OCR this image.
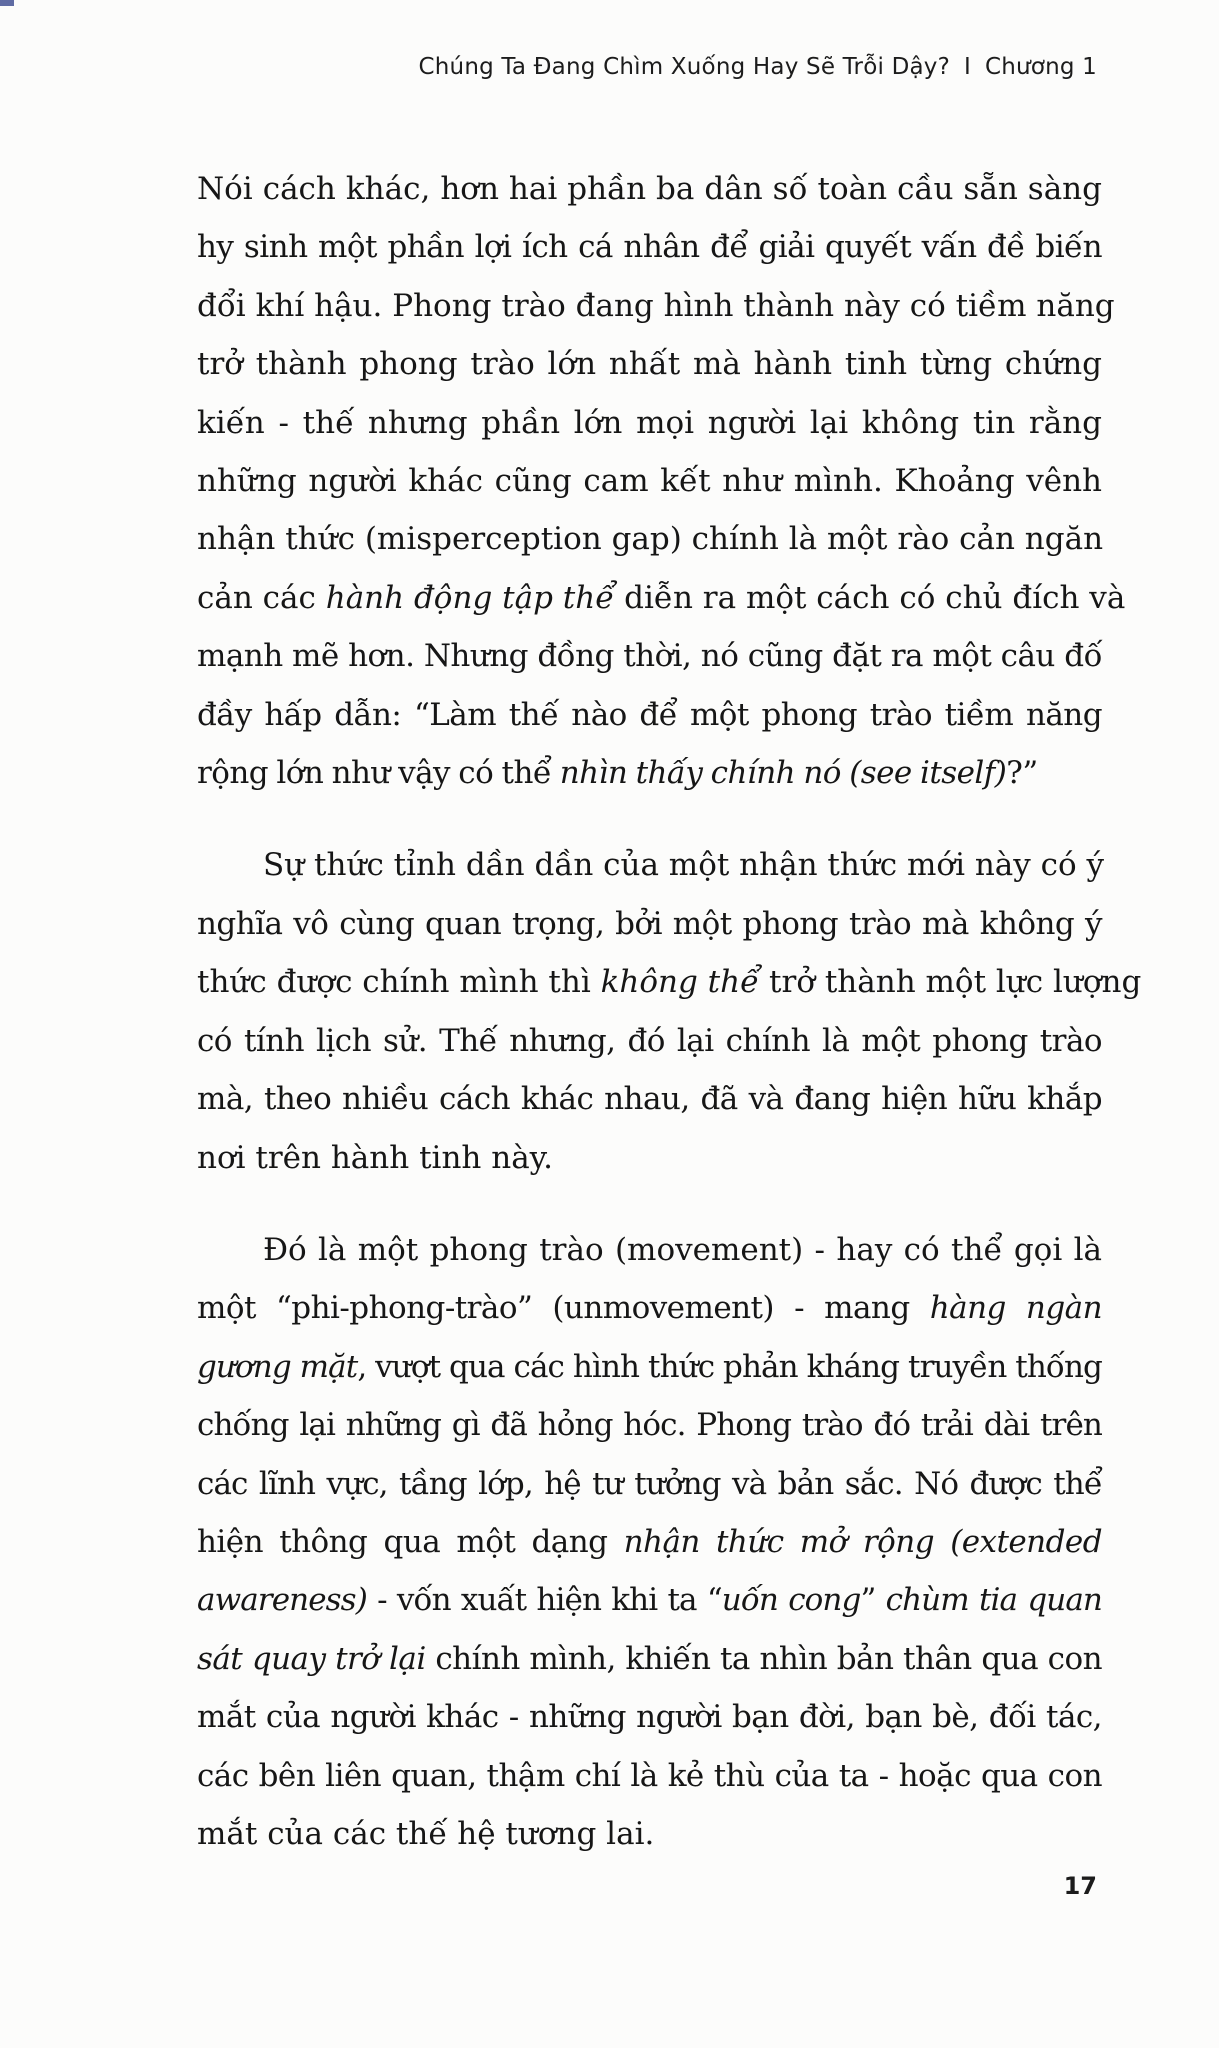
Chúng Ta Đang Chìm Xuống Hay Sẽ Trỗi Dậy? I Chương 1
Nói cách khác, hơn hai phần ba dân số toàn cầu sẵn sàng
hy sinh một phần lợi ích cá nhân để giải quyết vấn đề biến
đổi khí hậu. Phong trào đang hình thành này có tiềm năng
trở thành phong trào lớn nhất mà hành tinh từng chứng
kiến - thế nhưng phần lớn mọi người lại không tin rằng
những người khác cũng cam kết như mình. Khoảng vênh
nhận thức (misperception gap) chính là một rào cản ngăn
cản các hành động tập thể diễn ra một cách có chủ đích và
mạnh mẽ hơn. Nhưng đồng thời, nó cũng đặt ra một câu đố
đầy hấp dẫn: “Làm thế nào để một phong trào tiềm năng
rộng lớn như vậy có thể nhìn thấy chính nó (see itself)?”
Sự thức tỉnh dần dần của một nhận thức mới này có ý
nghĩa vô cùng quan trọng, bởi một phong trào mà không ý
thức được chính mình thì không thể trở thành một lực lượng
có tính lịch sử. Thế nhưng, đó lại chính là một phong trào
mà, theo nhiều cách khác nhau, đã và đang hiện hữu khắp
nơi trên hành tinh này.
Đó là một phong trào (movement) - hay có thể gọi là
một “phi-phong-trào” (unmovement) - mang hàng ngàn
gương mặt, vượt qua các hình thức phản kháng truyền thống
chống lại những gì đã hỏng hóc. Phong trào đó trải dài trên
các lĩnh vực, tầng lớp, hệ tư tưởng và bản sắc. Nó được thể
hiện thông qua một dạng nhận thức mở rộng (extended
awareness) - vốn xuất hiện khi ta “uốn cong” chùm tia quan
sát quay trở lại chính mình, khiến ta nhìn bản thân qua con
mắt của người khác - những người bạn đời, bạn bè, đối tác,
các bên liên quan, thậm chí là kẻ thù của ta - hoặc qua con
mắt của các thế hệ tương lai.
17
